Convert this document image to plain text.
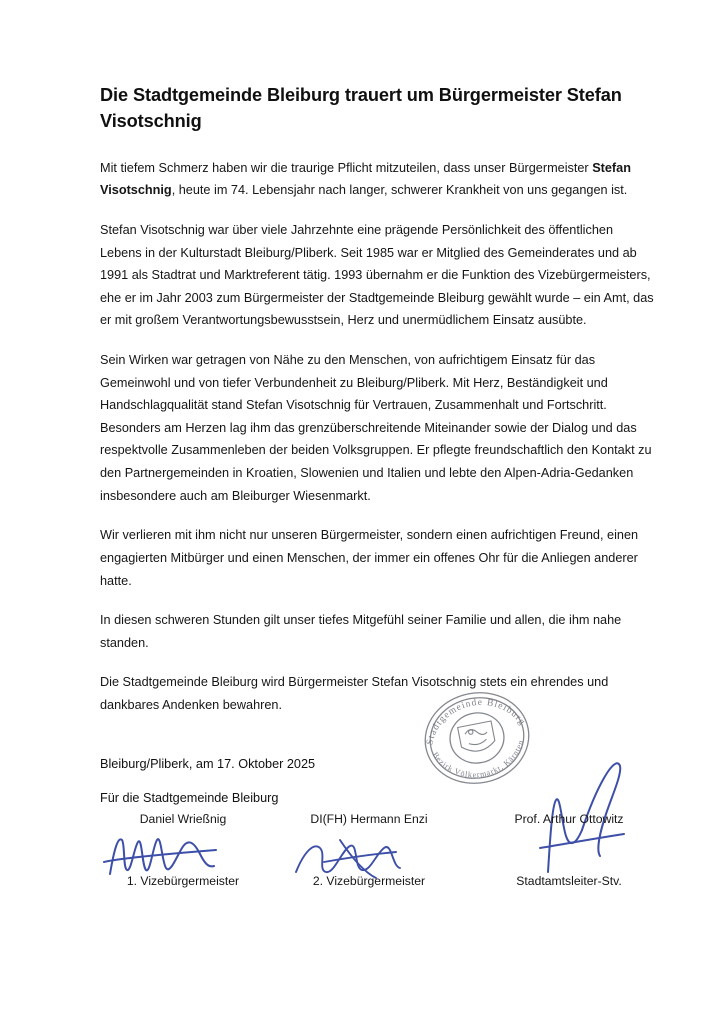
Die Stadtgemeinde Bleiburg trauert um Bürgermeister Stefan Visotschnig

Mit tiefem Schmerz haben wir die traurige Pflicht mitzuteilen, dass unser Bürgermeister Stefan Visotschnig, heute im 74. Lebensjahr nach langer, schwerer Krankheit von uns gegangen ist.

Stefan Visotschnig war über viele Jahrzehnte eine prägende Persönlichkeit des öffentlichen Lebens in der Kulturstadt Bleiburg/Pliberk. Seit 1985 war er Mitglied des Gemeinderates und ab 1991 als Stadtrat und Marktreferent tätig. 1993 übernahm er die Funktion des Vizebürgermeisters, ehe er im Jahr 2003 zum Bürgermeister der Stadtgemeinde Bleiburg gewählt wurde – ein Amt, das er mit großem Verantwortungsbewusstsein, Herz und unermüdlichem Einsatz ausübte.

Sein Wirken war getragen von Nähe zu den Menschen, von aufrichtigem Einsatz für das Gemeinwohl und von tiefer Verbundenheit zu Bleiburg/Pliberk. Mit Herz, Beständigkeit und Handschlagqualität stand Stefan Visotschnig für Vertrauen, Zusammenhalt und Fortschritt. Besonders am Herzen lag ihm das grenzüberschreitende Miteinander sowie der Dialog und das respektvolle Zusammenleben der beiden Volksgruppen. Er pflegte freundschaftlich den Kontakt zu den Partnergemeinden in Kroatien, Slowenien und Italien und lebte den Alpen-Adria-Gedanken insbesondere auch am Bleiburger Wiesenmarkt.

Wir verlieren mit ihm nicht nur unseren Bürgermeister, sondern einen aufrichtigen Freund, einen engagierten Mitbürger und einen Menschen, der immer ein offenes Ohr für die Anliegen anderer hatte.

In diesen schweren Stunden gilt unser tiefes Mitgefühl seiner Familie und allen, die ihm nahe standen.

Die Stadtgemeinde Bleiburg wird Bürgermeister Stefan Visotschnig stets ein ehrendes und dankbares Andenken bewahren.

Bleiburg/Pliberk, am 17. Oktober 2025

Für die Stadtgemeinde Bleiburg

Stadtgemeinde Bleiburg
Bezirk Völkermarkt, Kärnten
Daniel Wrießnig
1. Vizebürgermeister
DI(FH) Hermann Enzi
2. Vizebürgermeister
Prof. Arthur Ottowitz
Stadtamtsleiter-Stv.
